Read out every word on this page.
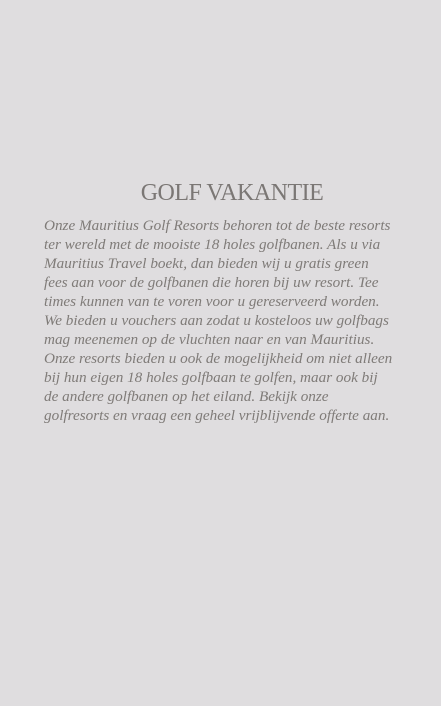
GOLF VAKANTIE

Onze Mauritius Golf Resorts behoren tot de beste resorts
ter wereld met de mooiste 18 holes golfbanen. Als u via
Mauritius Travel boekt, dan bieden wij u gratis green
fees aan voor de golfbanen die horen bij uw resort. Tee
times kunnen van te voren voor u gereserveerd worden.
We bieden u vouchers aan zodat u kosteloos uw golfbags
mag meenemen op de vluchten naar en van Mauritius.
Onze resorts bieden u ook de mogelijkheid om niet alleen
bij hun eigen 18 holes golfbaan te golfen, maar ook bij
de andere golfbanen op het eiland. Bekijk onze
golfresorts en vraag een geheel vrijblijvende offerte aan.
